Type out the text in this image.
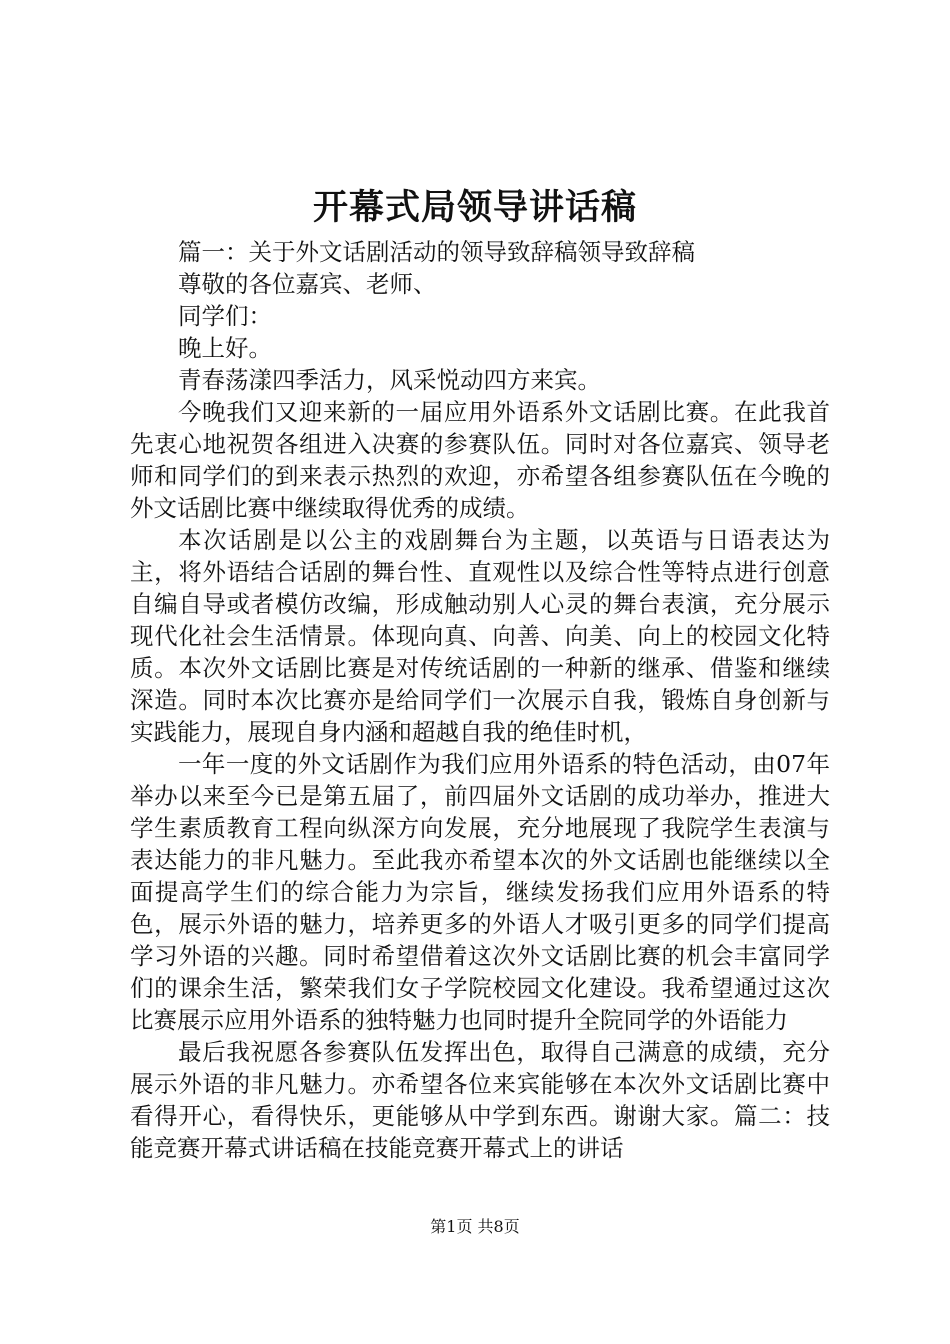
开幕式局领导讲话稿

篇一：关于外文话剧活动的领导致辞稿领导致辞稿

尊敬的各位嘉宾、老师、

同学们：

晚上好。

青春荡漾四季活力，风采悦动四方来宾。

今晚我们又迎来新的一届应用外语系外文话剧比赛。在此我首先衷心地祝贺各组进入决赛的参赛队伍。同时对各位嘉宾、领导老师和同学们的到来表示热烈的欢迎，亦希望各组参赛队伍在今晚的外文话剧比赛中继续取得优秀的成绩。

本次话剧是以公主的戏剧舞台为主题，以英语与日语表达为主，将外语结合话剧的舞台性、直观性以及综合性等特点进行创意自编自导或者模仿改编，形成触动别人心灵的舞台表演，充分展示现代化社会生活情景。体现向真、向善、向美、向上的校园文化特质。本次外文话剧比赛是对传统话剧的一种新的继承、借鉴和继续深造。同时本次比赛亦是给同学们一次展示自我，锻炼自身创新与实践能力，展现自身内涵和超越自我的绝佳时机，

一年一度的外文话剧作为我们应用外语系的特色活动，由07年举办以来至今已是第五届了，前四届外文话剧的成功举办，推进大学生素质教育工程向纵深方向发展，充分地展现了我院学生表演与表达能力的非凡魅力。至此我亦希望本次的外文话剧也能继续以全面提高学生们的综合能力为宗旨，继续发扬我们应用外语系的特色，展示外语的魅力，培养更多的外语人才吸引更多的同学们提高学习外语的兴趣。同时希望借着这次外文话剧比赛的机会丰富同学们的课余生活，繁荣我们女子学院校园文化建设。我希望通过这次比赛展示应用外语系的独特魅力也同时提升全院同学的外语能力

最后我祝愿各参赛队伍发挥出色，取得自己满意的成绩，充分展示外语的非凡魅力。亦希望各位来宾能够在本次外文话剧比赛中看得开心，看得快乐，更能够从中学到东西。谢谢大家。篇二：技能竞赛开幕式讲话稿在技能竞赛开幕式上的讲话

第1页 共8页
